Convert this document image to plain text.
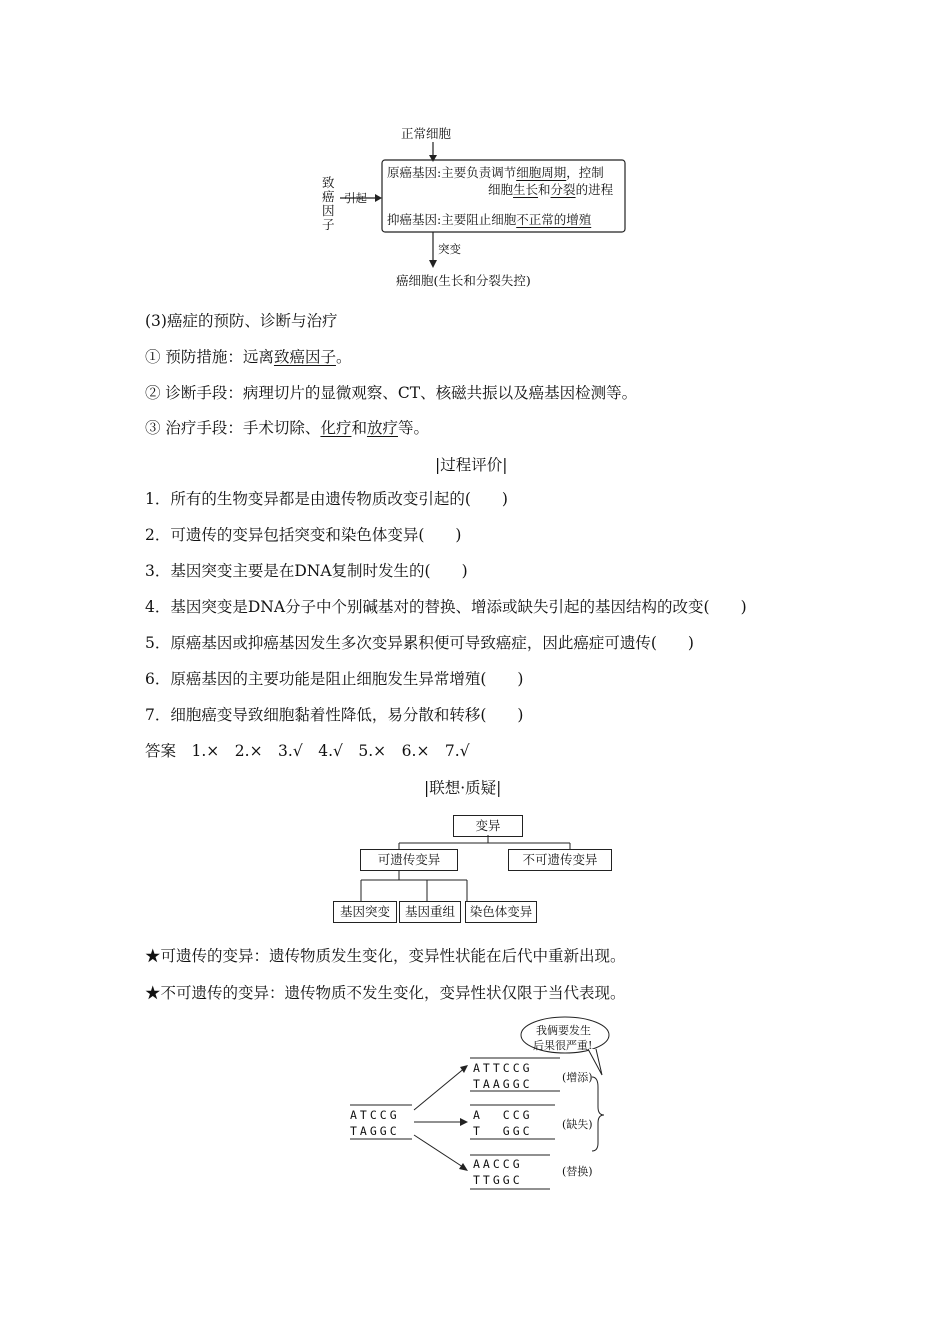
正常细胞
致
癌
因
子
引起
原癌基因:主要负责调节细胞周期，控制
细胞生长和分裂的进程
抑癌基因:主要阻止细胞不正常的增殖
突变
癌细胞(生长和分裂失控)
(3)癌症的预防、诊断与治疗
① 预防措施：远离致癌因子。
② 诊断手段：病理切片的显微观察、CT、核磁共振以及癌基因检测等。
③ 治疗手段：手术切除、化疗和放疗等。
|过程评价|
1．所有的生物变异都是由遗传物质改变引起的(　　)
2．可遗传的变异包括突变和染色体变异(　　)
3．基因突变主要是在DNA复制时发生的(　　)
4．基因突变是DNA分子中个别碱基对的替换、增添或缺失引起的基因结构的改变(　　)
5．原癌基因或抑癌基因发生多次变异累积便可导致癌症，因此癌症可遗传(　　)
6．原癌基因的主要功能是阻止细胞发生异常增殖(　　)
7．细胞癌变导致细胞黏着性降低，易分散和转移(　　)
答案　1.×　2.×　3.√　4.√　5.×　6.×　7.√
|联想·质疑|
变异
可遗传变异	不可遗传变异
基因突变	基因重组	染色体变异
★可遗传的变异：遗传物质发生变化，变异性状能在后代中重新出现。
★不可遗传的变异：遗传物质不发生变化，变异性状仅限于当代表现。
ATCCG
TAGGC
ATTCCG
TAAGGC	(增添)
A  CCG
T  GGC	(缺失)
AACCG
TTGGC
(替换)
我俩要发生
后果很严重!
